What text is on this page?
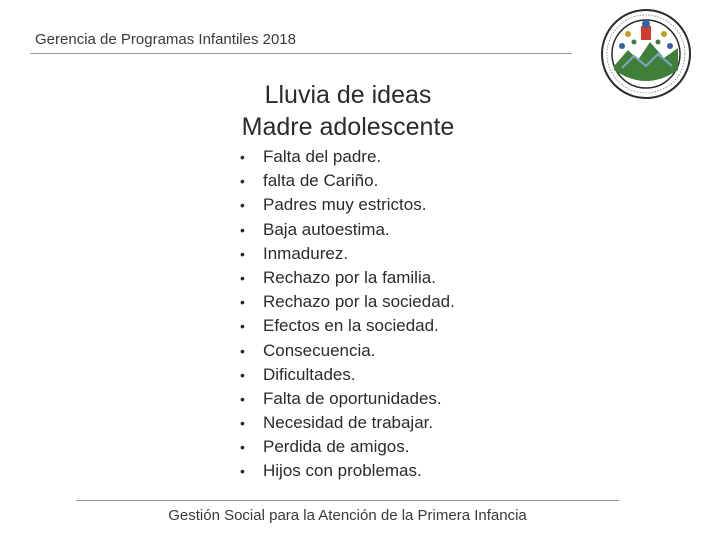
Gerencia de Programas Infantiles 2018
Lluvia de ideas
Madre adolescente
•	Falta del padre.
•	falta de Cariño.
•	Padres muy estrictos.
•	Baja autoestima.
•	Inmadurez.
•	Rechazo por la familia.
•	Rechazo por la sociedad.
•	Efectos en la sociedad.
•	Consecuencia.
•	Dificultades.
•	Falta de oportunidades.
•	Necesidad de trabajar.
•	Perdida de amigos.
•	Hijos con problemas.
Gestión Social para la Atención de la Primera Infancia
